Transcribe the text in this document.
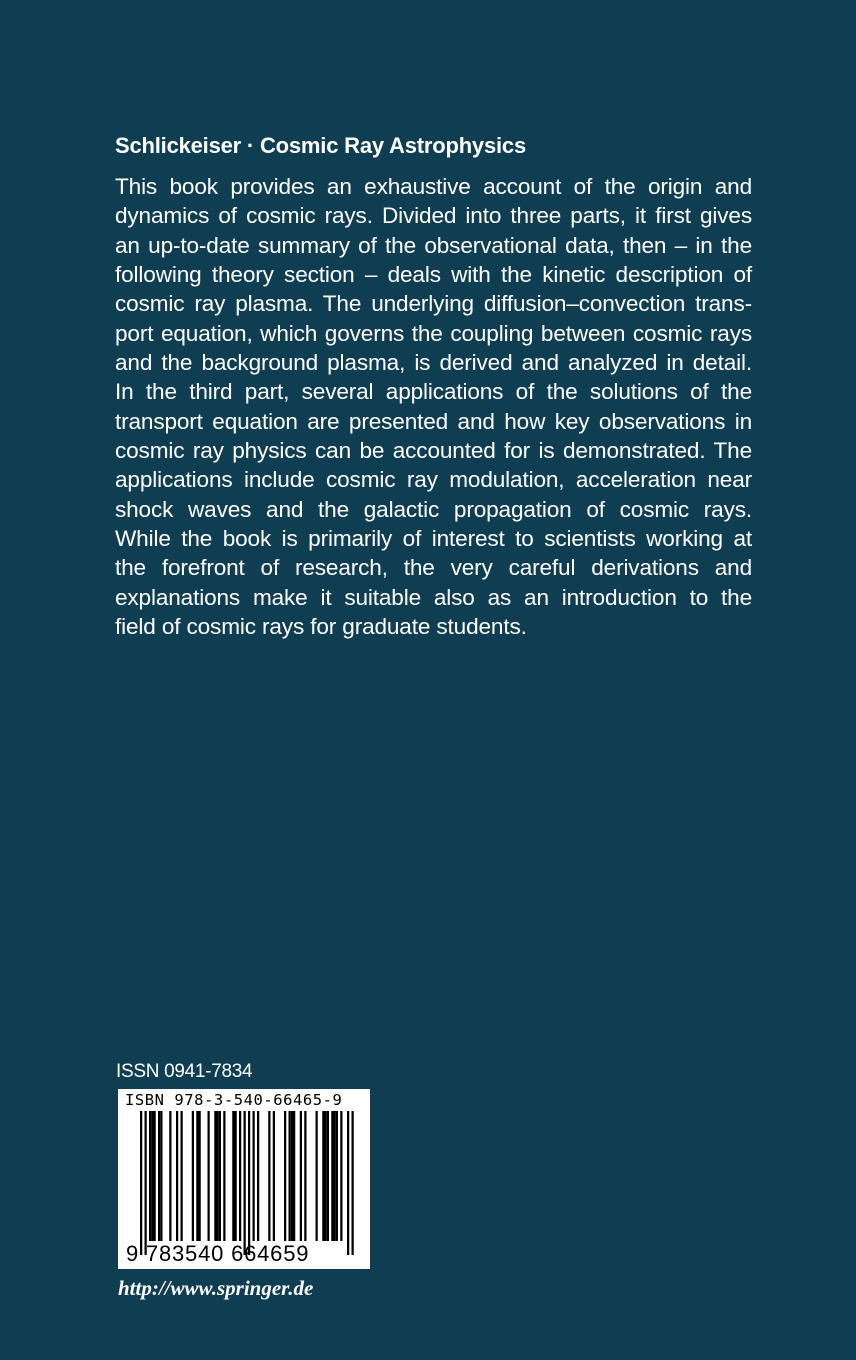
Schlickeiser · Cosmic Ray Astrophysics
This book provides an exhaustive account of the origin and
dynamics of cosmic rays. Divided into three parts, it first gives
an up-to-date summary of the observational data, then – in the
following theory section – deals with the kinetic description of
cosmic ray plasma. The underlying diffusion–convection trans-
port equation, which governs the coupling between cosmic rays
and the background plasma, is derived and analyzed in detail.
In the third part, several applications of the solutions of the
transport equation are presented and how key observations in
cosmic ray physics can be accounted for is demonstrated. The
applications include cosmic ray modulation, acceleration near
shock waves and the galactic propagation of cosmic rays.
While the book is primarily of interest to scientists working at
the forefront of research, the very careful derivations and
explanations make it suitable also as an introduction to the
field of cosmic rays for graduate students.
ISSN 0941-7834
ISBN 978-3-540-66465-9
9 783540 664659
http://www.springer.de
